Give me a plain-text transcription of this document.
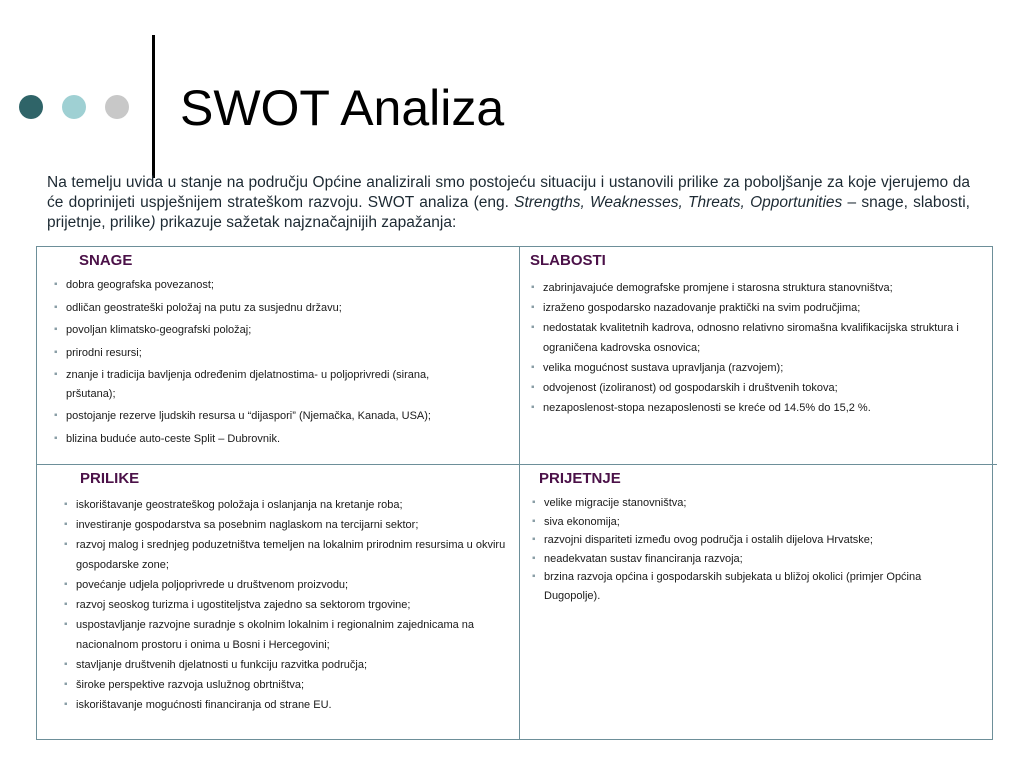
SWOT Analiza
Na temelju uvida u stanje na području Općine analizirali smo postojeću situaciju i ustanovili prilike za poboljšanje za koje vjerujemo da će doprinijeti uspješnijem strateškom razvoju. SWOT analiza (eng. Strengths, Weaknesses, Threats, Opportunities – snage, slabosti, prijetnje, prilike) prikazuje sažetak najznačajnijih zapažanja:
SNAGE	SLABOSTI
PRILIKE	PRIJETNJE
▪ dobra geografska povezanost;
▪ odličan geostrateški položaj na putu za susjednu državu;
▪ povoljan klimatsko-geografski položaj;
▪ prirodni resursi;
▪ znanje i tradicija bavljenja određenim djelatnostima- u poljoprivredi (sirana, pršutana);
▪ postojanje rezerve ljudskih resursa u “dijaspori” (Njemačka, Kanada, USA);
▪ blizina buduće auto-ceste Split – Dubrovnik.
▪ zabrinjavajuće demografske promjene i starosna struktura stanovništva;
▪ izraženo gospodarsko nazadovanje praktički na svim područjima;
▪ nedostatak kvalitetnih kadrova, odnosno relativno siromašna kvalifikacijska struktura i ograničena kadrovska osnovica;
▪ velika mogućnost sustava upravljanja (razvojem);
▪ odvojenost (izoliranost) od gospodarskih i društvenih tokova;
▪ nezaposlenost-stopa nezaposlenosti se kreće od 14.5% do 15,2 %.
▪ iskorištavanje geostrateškog položaja i oslanjanja na kretanje roba;
▪ investiranje gospodarstva sa posebnim naglaskom na tercijarni sektor;
▪ razvoj malog i srednjeg poduzetništva temeljen na lokalnim prirodnim resursima u okviru gospodarske zone;
▪ povećanje udjela poljoprivrede u društvenom proizvodu;
▪ razvoj seoskog turizma i ugostiteljstva zajedno sa sektorom trgovine;
▪ uspostavljanje razvojne suradnje s okolnim lokalnim i regionalnim zajednicama na nacionalnom prostoru i onima u Bosni i Hercegovini;
▪ stavljanje društvenih djelatnosti u funkciju razvitka područja;
▪ široke perspektive razvoja uslužnog obrtništva;
▪ iskorištavanje mogućnosti financiranja od strane EU.
▪ velike migracije stanovništva;
▪ siva ekonomija;
▪ razvojni dispariteti između ovog područja i ostalih dijelova Hrvatske;
▪ neadekvatan sustav financiranja razvoja;
▪ brzina razvoja općina i gospodarskih subjekata u bližoj okolici (primjer Općina Dugopolje).
